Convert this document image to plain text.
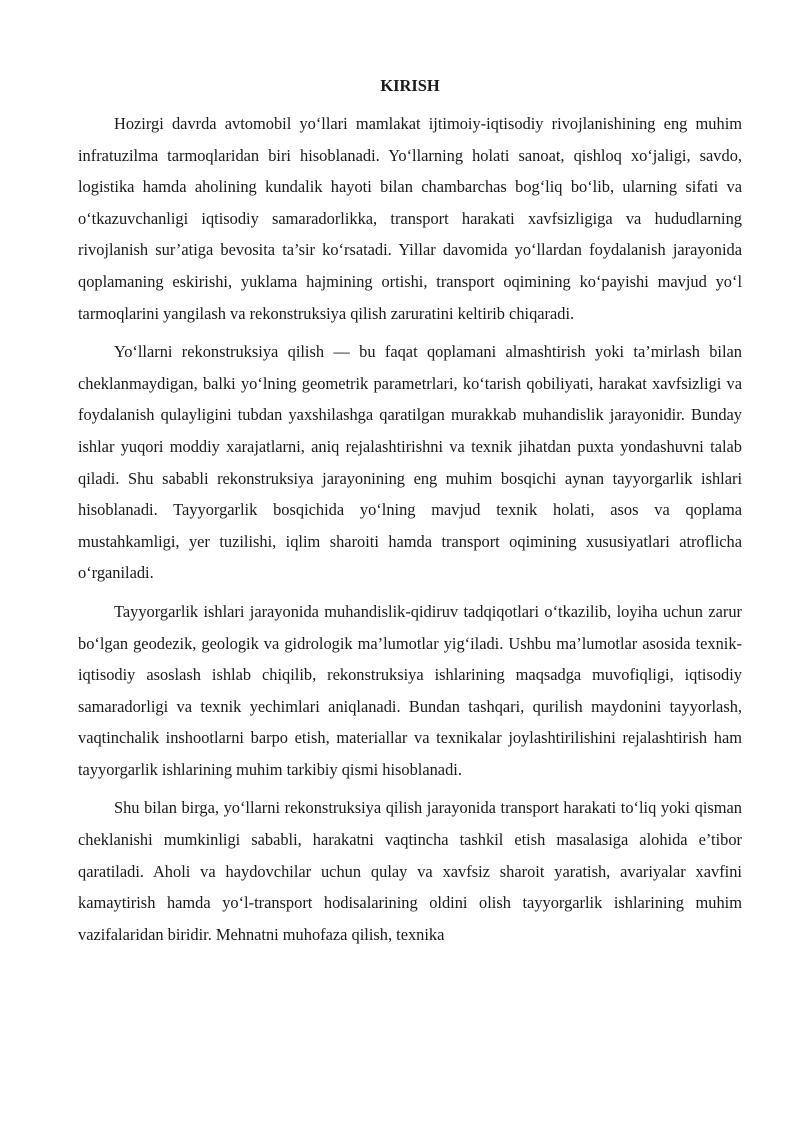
KIRISH

Hozirgi davrda avtomobil yo‘llari mamlakat ijtimoiy-iqtisodiy rivojlanishining eng muhim infratuzilma tarmoqlaridan biri hisoblanadi. Yo‘llarning holati sanoat, qishloq xo‘jaligi, savdo, logistika hamda aholining kundalik hayoti bilan chambarchas bog‘liq bo‘lib, ularning sifati va o‘tkazuvchanligi iqtisodiy samaradorlikka, transport harakati xavfsizligiga va hududlarning rivojlanish sur’atiga bevosita ta’sir ko‘rsatadi. Yillar davomida yo‘llardan foydalanish jarayonida qoplamaning eskirishi, yuklama hajmining ortishi, transport oqimining ko‘payishi mavjud yo‘l tarmoqlarini yangilash va rekonstruksiya qilish zaruratini keltirib chiqaradi.

Yo‘llarni rekonstruksiya qilish — bu faqat qoplamani almashtirish yoki ta’mirlash bilan cheklanmaydigan, balki yo‘lning geometrik parametrlari, ko‘tarish qobiliyati, harakat xavfsizligi va foydalanish qulayligini tubdan yaxshilashga qaratilgan murakkab muhandislik jarayonidir. Bunday ishlar yuqori moddiy xarajatlarni, aniq rejalashtirishni va texnik jihatdan puxta yondashuvni talab qiladi. Shu sababli rekonstruksiya jarayonining eng muhim bosqichi aynan tayyorgarlik ishlari hisoblanadi. Tayyorgarlik bosqichida yo‘lning mavjud texnik holati, asos va qoplama mustahkamligi, yer tuzilishi, iqlim sharoiti hamda transport oqimining xususiyatlari atroflicha o‘rganiladi.

Tayyorgarlik ishlari jarayonida muhandislik-qidiruv tadqiqotlari o‘tkazilib, loyiha uchun zarur bo‘lgan geodezik, geologik va gidrologik ma’lumotlar yig‘iladi. Ushbu ma’lumotlar asosida texnik-iqtisodiy asoslash ishlab chiqilib, rekonstruksiya ishlarining maqsadga muvofiqligi, iqtisodiy samaradorligi va texnik yechimlari aniqlanadi. Bundan tashqari, qurilish maydonini tayyorlash, vaqtinchalik inshootlarni barpo etish, materiallar va texnikalar joylashtirilishini rejalashtirish ham tayyorgarlik ishlarining muhim tarkibiy qismi hisoblanadi.

Shu bilan birga, yo‘llarni rekonstruksiya qilish jarayonida transport harakati to‘liq yoki qisman cheklanishi mumkinligi sababli, harakatni vaqtincha tashkil etish masalasiga alohida e’tibor qaratiladi. Aholi va haydovchilar uchun qulay va xavfsiz sharoit yaratish, avariyalar xavfini kamaytirish hamda yo‘l-transport hodisalarining oldini olish tayyorgarlik ishlarining muhim vazifalaridan biridir. Mehnatni muhofaza qilish, texnika
